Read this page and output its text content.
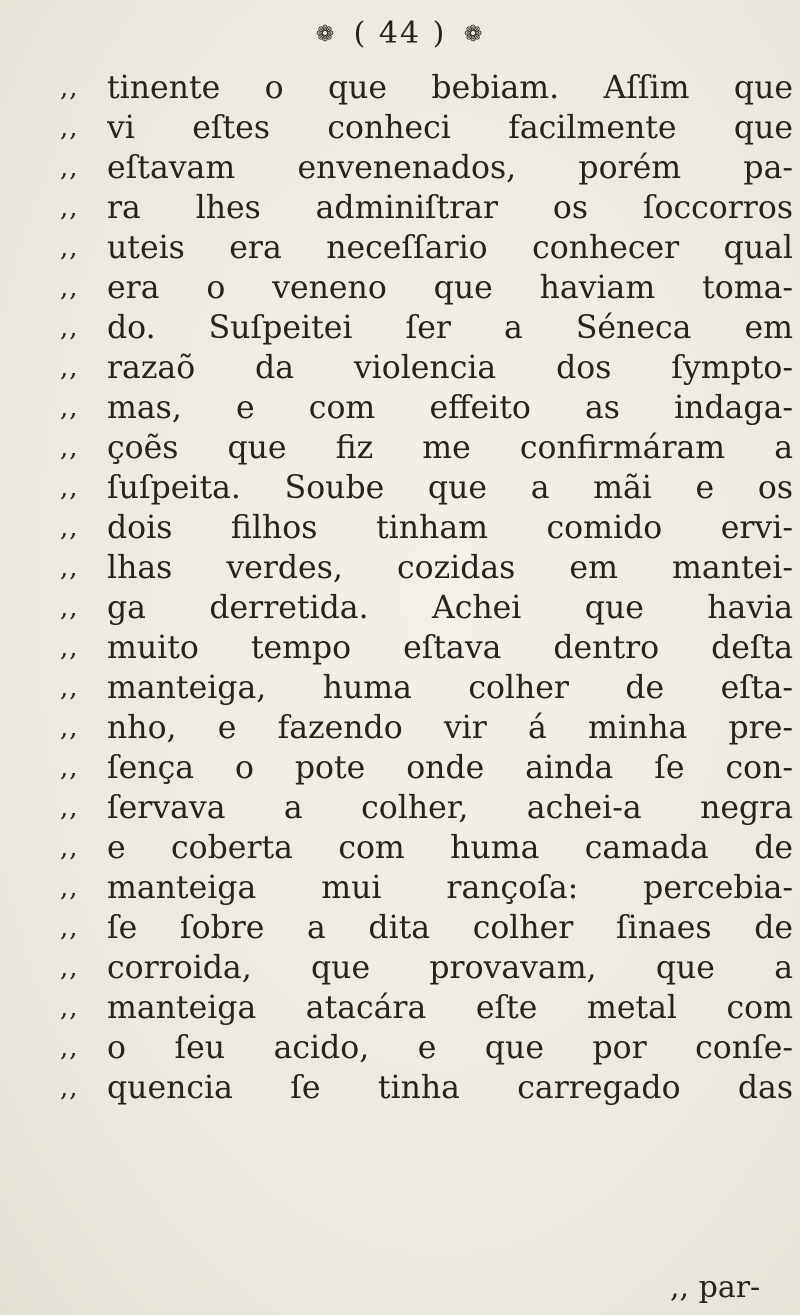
❁ ( 44 ) ❁
,, tinente o que bebiam. Aſſim que
,, vi eſtes conheci facilmente que
,, eſtavam envenenados, porém pa-
,, ra lhes adminiſtrar os ſoccorros
,, uteis era neceſſario conhecer qual
,, era o veneno que haviam toma-
,, do. Suſpeitei ſer a Séneca em
,, razaõ da violencia dos ſympto-
,, mas, e com effeito as indaga-
,, çoẽs que fiz me confirmáram a
,, ſuſpeita. Soube que a mãi e os
,, dois filhos tinham comido ervi-
,, lhas verdes, cozidas em mantei-
,, ga derretida. Achei que havia
,, muito tempo eſtava dentro deſta
,, manteiga, huma colher de eſta-
,, nho, e fazendo vir á minha pre-
,, ſença o pote onde ainda ſe con-
,, ſervava a colher, achei-a negra
,, e coberta com huma camada de
,, manteiga mui rançoſa: percebia-
,, ſe ſobre a dita colher ſinaes de
,, corroida, que provavam, que a
,, manteiga atacára eſte metal com
,, o ſeu acido, e que por conſe-
,, quencia ſe tinha carregado das
,, par-
